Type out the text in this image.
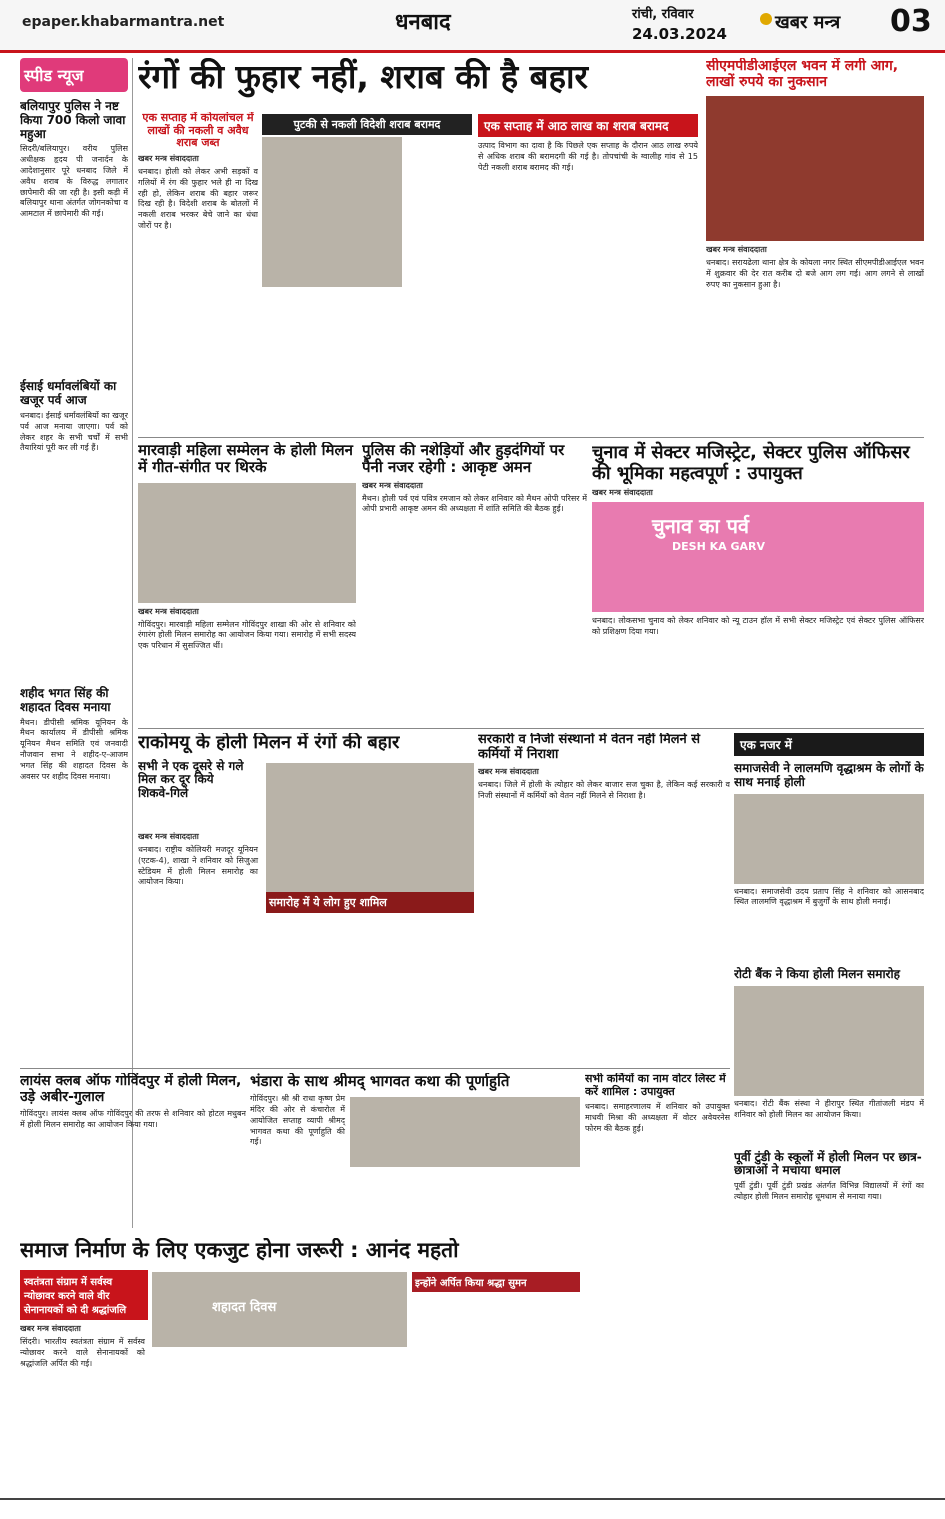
epaper.khabarmantra.net	धनबाद	रांची, रविवार
24.03.2024
खबर मन्त्र 03
स्पीड न्यूज
बलियापुर पुलिस ने नष्ट किया 700 किलो जावा महुआ
सिदरी/बलियापुर। वरीय पुलिस अधीक्षक हृदय पी जनार्दन के आदेशानुसार पूरे धनबाद जिले में अवैध शराब के विरुद्ध लगातार छापेमारी की जा रही है। इसी कड़ी में बलियापुर थाना अंतर्गत जोगनकोचा व आमटाल में छापेमारी की गई।
ईसाई धर्मावलंबियों का खजूर पर्व आज
धनबाद। ईसाई धर्मावलंबियों का खजूर पर्व आज मनाया जाएगा। पर्व को लेकर शहर के सभी चर्चों में सभी तैयारियां पूरी कर ली गई हैं।
शहीद भगत सिंह की शहादत दिवस मनाया
मैथन। डीपीसी श्रमिक यूनियन के मैथन कार्यालय में डीपीसी श्रमिक यूनियन मैथन समिति एवं जनवादी नौजवान सभा ने शहीद-ए-आजम भगत सिंह की शहादत दिवस के अवसर पर शहीद दिवस मनाया।
रंगों की फुहार नहीं, शराब की है बहार
एक सप्ताह में कोयलांचल में लाखों की नकली व अवैध शराब जब्त
खबर मन्त्र संवाददाता
धनबाद। होली को लेकर अभी सड़कों व गलियों में रंग की फुहार भले ही ना दिख रही हो, लेकिन शराब की बहार जरूर दिख रही है। विदेशी शराब के बोतलों में नकली शराब भरकर बेचे जाने का धंधा जोरों पर है।
पुटकी से नकली विदेशी शराब बरामद	एक सप्ताह में आठ लाख का शराब बरामद
उत्पाद विभाग का दावा है कि पिछले एक सप्ताह के दौरान आठ लाख रुपये से अधिक शराब की बरामदगी की गई है। तोपचांची के ग्वालीह गांव से 15 पेटी नकली शराब बरामद की गई।
सीएमपीडीआईएल भवन में लगी आग, लाखों रुपये का नुकसान
खबर मन्त्र संवाददाता
धनबाद। सरायढेला थाना क्षेत्र के कोयला नगर स्थित सीएमपीडीआईएल भवन में शुक्रवार की देर रात करीब दो बजे आग लग गई। आग लगने से लाखों रुपए का नुकसान हुआ है।
मारवाड़ी महिला सम्मेलन के होली मिलन में गीत-संगीत पर थिरके
खबर मन्त्र संवाददाता
गोविंदपुर। मारवाड़ी महिला सम्मेलन गोविंदपुर शाखा की ओर से शनिवार को रंगारंग होली मिलन समारोह का आयोजन किया गया। समारोह में सभी सदस्य एक परिधान में सुसज्जित थीं।
पुलिस की नशेड़ियों और हुड़दंगियों पर पैनी नजर रहेगी : आकृष्ट अमन
खबर मन्त्र संवाददाता
मैथन। होली पर्व एवं पवित्र रमजान को लेकर शनिवार को मैथन ओपी परिसर में ओपी प्रभारी आकृष्ट अमन की अध्यक्षता में शांति समिति की बैठक हुई।
चुनाव में सेक्टर मजिस्ट्रेट, सेक्टर पुलिस ऑफिसर की भूमिका महत्वपूर्ण : उपायुक्त
खबर मन्त्र संवाददाता
चुनाव का पर्व
DESH KA GARV
धनबाद। लोकसभा चुनाव को लेकर शनिवार को न्यू टाउन हॉल में सभी सेक्टर मजिस्ट्रेट एवं सेक्टर पुलिस ऑफिसर को प्रशिक्षण दिया गया।
राकोमयू के होली मिलन में रंगों की बहार
सभी ने एक दूसरे से गले मिल कर दूर किये शिकवे-गिले
समारोह में ये लोग हुए शामिल
खबर मन्त्र संवाददाता
धनबाद। राष्ट्रीय कोलियरी मजदूर यूनियन (एटक-4), शाखा ने शनिवार को सिजुआ स्टेडियम में होली मिलन समारोह का आयोजन किया।
सरकारी व निजी संस्थानों में वेतन नहीं मिलने से कर्मियों में निराशा
खबर मन्त्र संवाददाता
धनबाद। जिले में होली के त्योहार को लेकर बाजार सज चुका है, लेकिन कई सरकारी व निजी संस्थानों में कर्मियों को वेतन नहीं मिलने से निराशा है।
एक नजर में
समाजसेवी ने लालमणि वृद्धाश्रम के लोगों के साथ मनाई होली
धनबाद। समाजसेवी उदय प्रताप सिंह ने शनिवार को आसनबाद स्थित लालमणि वृद्धाश्रम में बुजुर्गों के साथ होली मनाई।
रोटी बैंक ने किया होली मिलन समारोह
धनबाद। रोटी बैंक संस्था ने हीरापुर स्थित गीतांजली मंडप में शनिवार को होली मिलन का आयोजन किया।
पूर्वी टुंडी के स्कूलों में होली मिलन पर छात्र-छात्राओं ने मचाया धमाल
पूर्वी टुंडी। पूर्वी टुंडी प्रखंड अंतर्गत विभिन्न विद्यालयों में रंगों का त्योहार होली मिलन समारोह धूमधाम से मनाया गया।
लायंस क्लब ऑफ गोविंदपुर में होली मिलन, उड़े अबीर-गुलाल
गोविंदपुर। लायंस क्लब ऑफ गोविंदपुर की तरफ से शनिवार को होटल मधुबन में होली मिलन समारोह का आयोजन किया गया।
भंडारा के साथ श्रीमद् भागवत कथा की पूर्णाहुति
गोविंदपुर। श्री श्री राधा कृष्ण प्रेम मंदिर की ओर से कंचारोल में आयोजित सप्ताह व्यापी श्रीमद् भागवत कथा की पूर्णाहुति की गई।
सभी कर्मियों का नाम वोटर लिस्ट में करें शामिल : उपायुक्त
धनबाद। समाहरणालय में शनिवार को उपायुक्त माधवी मिश्रा की अध्यक्षता में वोटर अवेयरनेस फोरम की बैठक हुई।
समाज निर्माण के लिए एकजुट होना जरूरी : आनंद महतो
स्वतंत्रता संग्राम में सर्वस्व न्योछावर करने वाले वीर सेनानायकों को दी श्रद्धांजलि	शहादत दिवस
इन्होंने अर्पित किया श्रद्धा सुमन
खबर मन्त्र संवाददाता
सिंदरी। भारतीय स्वतंत्रता संग्राम में सर्वस्व न्योछावर करने वाले सेनानायकों को श्रद्धांजलि अर्पित की गई।
